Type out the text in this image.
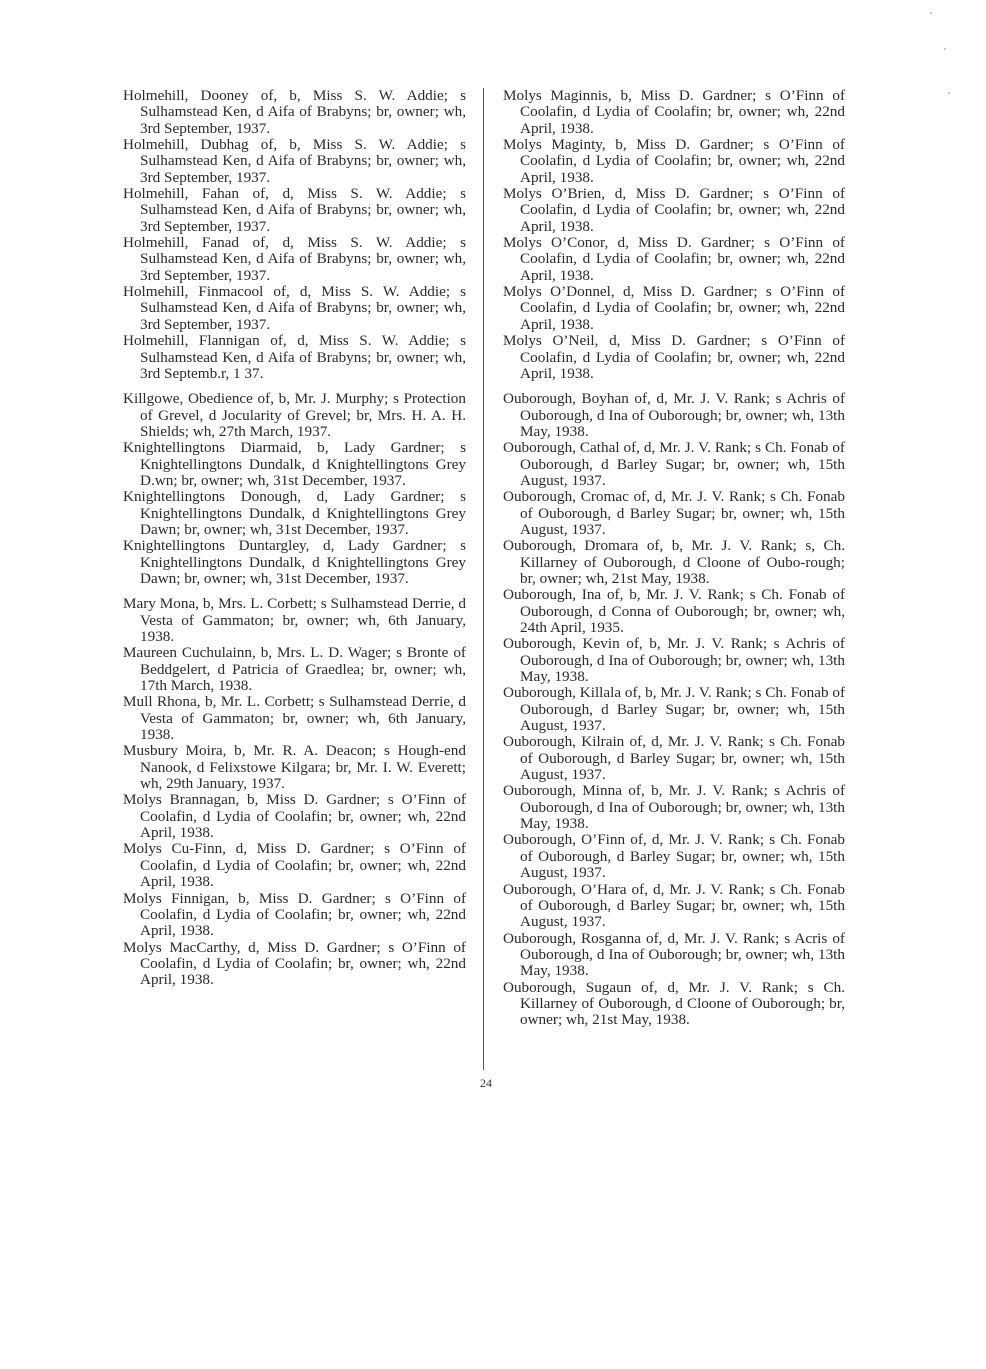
Holmehill, Dooney of, b, Miss S. W. Addie; s Sulhamstead Ken, d Aifa of Brabyns; br, owner; wh, 3rd September, 1937.

Holmehill, Dubhag of, b, Miss S. W. Addie; s Sulhamstead Ken, d Aifa of Brabyns; br, owner; wh, 3rd September, 1937.

Holmehill, Fahan of, d, Miss S. W. Addie; s Sulhamstead Ken, d Aifa of Brabyns; br, owner; wh, 3rd September, 1937.

Holmehill, Fanad of, d, Miss S. W. Addie; s Sulhamstead Ken, d Aifa of Brabyns; br, owner; wh, 3rd September, 1937.

Holmehill, Finmacool of, d, Miss S. W. Addie; s Sulhamstead Ken, d Aifa of Brabyns; br, owner; wh, 3rd September, 1937.

Holmehill, Flannigan of, d, Miss S. W. Addie; s Sulhamstead Ken, d Aifa of Brabyns; br, owner; wh, 3rd Septemb.r, 1 37.

Killgowe, Obedience of, b, Mr. J. Murphy; s Protection of Grevel, d Jocularity of Grevel; br, Mrs. H. A. H. Shields; wh, 27th March, 1937.

Knightellingtons Diarmaid, b, Lady Gardner; s Knightellingtons Dundalk, d Knightellingtons Grey D.wn; br, owner; wh, 31st December, 1937.

Knightellingtons Donough, d, Lady Gardner; s Knightellingtons Dundalk, d Knightellingtons Grey Dawn; br, owner; wh, 31st December, 1937.

Knightellingtons Duntargley, d, Lady Gardner; s Knightellingtons Dundalk, d Knightellingtons Grey Dawn; br, owner; wh, 31st December, 1937.

Mary Mona, b, Mrs. L. Corbett; s Sulhamstead Derrie, d Vesta of Gammaton; br, owner; wh, 6th January, 1938.

Maureen Cuchulainn, b, Mrs. L. D. Wager; s Bronte of Beddgelert, d Patricia of Graedlea; br, owner; wh, 17th March, 1938.

Mull Rhona, b, Mr. L. Corbett; s Sulhamstead Derrie, d Vesta of Gammaton; br, owner; wh, 6th January, 1938.

Musbury Moira, b, Mr. R. A. Deacon; s Hough-end Nanook, d Felixstowe Kilgara; br, Mr. I. W. Everett; wh, 29th January, 1937.

Molys Brannagan, b, Miss D. Gardner; s O’Finn of Coolafin, d Lydia of Coolafin; br, owner; wh, 22nd April, 1938.

Molys Cu-Finn, d, Miss D. Gardner; s O’Finn of Coolafin, d Lydia of Coolafin; br, owner; wh, 22nd April, 1938.

Molys Finnigan, b, Miss D. Gardner; s O’Finn of Coolafin, d Lydia of Coolafin; br, owner; wh, 22nd April, 1938.

Molys MacCarthy, d, Miss D. Gardner; s O’Finn of Coolafin, d Lydia of Coolafin; br, owner; wh, 22nd April, 1938.

Molys Maginnis, b, Miss D. Gardner; s O’Finn of Coolafin, d Lydia of Coolafin; br, owner; wh, 22nd April, 1938.

Molys Maginty, b, Miss D. Gardner; s O’Finn of Coolafin, d Lydia of Coolafin; br, owner; wh, 22nd April, 1938.

Molys O’Brien, d, Miss D. Gardner; s O’Finn of Coolafin, d Lydia of Coolafin; br, owner; wh, 22nd April, 1938.

Molys O’Conor, d, Miss D. Gardner; s O’Finn of Coolafin, d Lydia of Coolafin; br, owner; wh, 22nd April, 1938.

Molys O’Donnel, d, Miss D. Gardner; s O’Finn of Coolafin, d Lydia of Coolafin; br, owner; wh, 22nd April, 1938.

Molys O’Neil, d, Miss D. Gardner; s O’Finn of Coolafin, d Lydia of Coolafin; br, owner; wh, 22nd April, 1938.

Ouborough, Boyhan of, d, Mr. J. V. Rank; s Achris of Ouborough, d Ina of Ouborough; br, owner; wh, 13th May, 1938.

Ouborough, Cathal of, d, Mr. J. V. Rank; s Ch. Fonab of Ouborough, d Barley Sugar; br, owner; wh, 15th August, 1937.

Ouborough, Cromac of, d, Mr. J. V. Rank; s Ch. Fonab of Ouborough, d Barley Sugar; br, owner; wh, 15th August, 1937.

Ouborough, Dromara of, b, Mr. J. V. Rank; s, Ch. Killarney of Ouborough, d Cloone of Oubo-rough; br, owner; wh, 21st May, 1938.

Ouborough, Ina of, b, Mr. J. V. Rank; s Ch. Fonab of Ouborough, d Conna of Ouborough; br, owner; wh, 24th April, 1935.

Ouborough, Kevin of, b, Mr. J. V. Rank; s Achris of Ouborough, d Ina of Ouborough; br, owner; wh, 13th May, 1938.

Ouborough, Killala of, b, Mr. J. V. Rank; s Ch. Fonab of Ouborough, d Barley Sugar; br, owner; wh, 15th August, 1937.

Ouborough, Kilrain of, d, Mr. J. V. Rank; s Ch. Fonab of Ouborough, d Barley Sugar; br, owner; wh, 15th August, 1937.

Ouborough, Minna of, b, Mr. J. V. Rank; s Achris of Ouborough, d Ina of Ouborough; br, owner; wh, 13th May, 1938.

Ouborough, O’Finn of, d, Mr. J. V. Rank; s Ch. Fonab of Ouborough, d Barley Sugar; br, owner; wh, 15th August, 1937.

Ouborough, O’Hara of, d, Mr. J. V. Rank; s Ch. Fonab of Ouborough, d Barley Sugar; br, owner; wh, 15th August, 1937.

Ouborough, Rosganna of, d, Mr. J. V. Rank; s Acris of Ouborough, d Ina of Ouborough; br, owner; wh, 13th May, 1938.

Ouborough, Sugaun of, d, Mr. J. V. Rank; s Ch. Killarney of Ouborough, d Cloone of Ouborough; br, owner; wh, 21st May, 1938.

24
